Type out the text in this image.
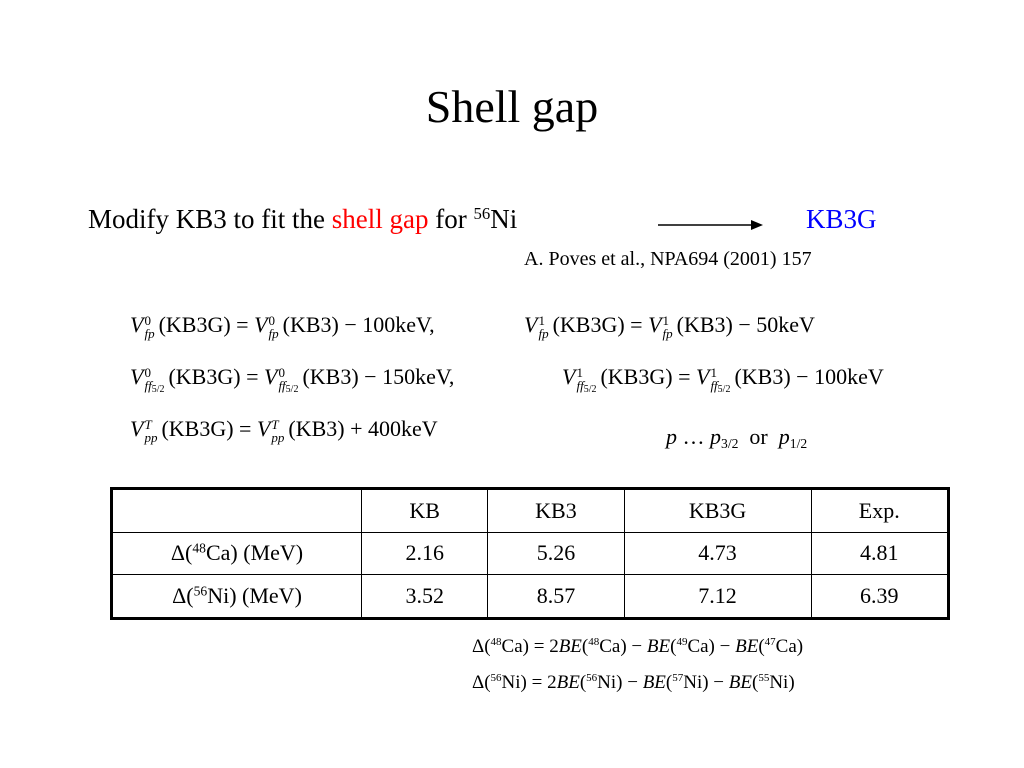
Shell gap
Modify KB3 to fit the shell gap for $^{56}$Ni	KB3G
A. Poves et al., NPA694 (2001) 157
V 0
fp (KB3G) = V 0
fp (KB3) − 100keV,	V 1
fp (KB3G) = V 1
fp (KB3) − 50keV
V 0
$ff_{5/2}$
(KB3G) = V 0
$ff_{5/2}$
(KB3) − 150keV,	V 1
$ff_{5/2}$
(KB3G) = V 1
$ff_{5/2}$
(KB3) − 100keV
V T
pp (KB3G) = V T
pp (KB3) + 400keV	p … $p_{3/2}$ or $p_{1/2}$
	KB	KB3	KB3G	Exp.
Δ($^{48}$Ca) (MeV)	2.16	5.26	4.73	4.81
Δ($^{56}$Ni) (MeV)	3.52	8.57	7.12	6.39
Δ($^{48}$Ca) = 2BE($^{48}$Ca) − BE($^{49}$Ca) − BE($^{47}$Ca)
Δ($^{56}$Ni) = 2BE($^{56}$Ni) − BE($^{57}$Ni) − BE($^{55}$Ni)
